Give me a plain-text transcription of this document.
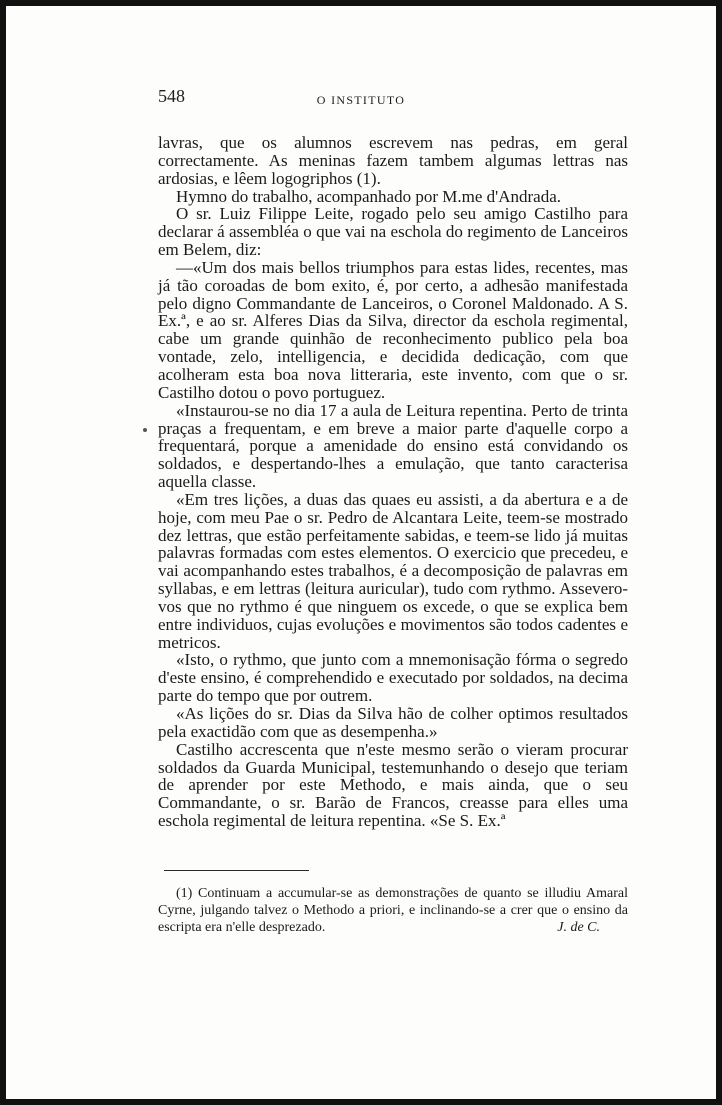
548	O INSTITUTO

lavras, que os alumnos escrevem nas pedras, em geral correctamente. As meninas fazem tambem algumas lettras nas ardosias, e lêem logogriphos (1).

Hymno do trabalho, acompanhado por M.me d'Andrada.

O sr. Luiz Filippe Leite, rogado pelo seu amigo Castilho para declarar á assembléa o que vai na eschola do regimento de Lanceiros em Belem, diz:

—«Um dos mais bellos triumphos para estas lides, recentes, mas já tão coroadas de bom exito, é, por certo, a adhesão manifestada pelo digno Commandante de Lanceiros, o Coronel Maldonado. A S. Ex.ª, e ao sr. Alferes Dias da Silva, director da eschola regimental, cabe um grande quinhão de reconhecimento publico pela boa vontade, zelo, intelligencia, e decidida dedicação, com que acolheram esta boa nova litteraria, este invento, com que o sr. Castilho dotou o povo portuguez.

«Instaurou-se no dia 17 a aula de Leitura repentina. Perto de trinta praças a frequentam, e em breve a maior parte d'aquelle corpo a frequentará, porque a amenidade do ensino está convidando os soldados, e despertando-lhes a emulação, que tanto caracterisa aquella classe.

«Em tres lições, a duas das quaes eu assisti, a da abertura e a de hoje, com meu Pae o sr. Pedro de Alcantara Leite, teem-se mostrado dez lettras, que estão perfeitamente sabidas, e teem-se lido já muitas palavras formadas com estes elementos. O exercicio que precedeu, e vai acompanhando estes trabalhos, é a decomposição de palavras em syllabas, e em lettras (leitura auricular), tudo com rythmo. Assevero-vos que no rythmo é que ninguem os excede, o que se explica bem entre individuos, cujas evoluções e movimentos são todos cadentes e metricos.

«Isto, o rythmo, que junto com a mnemonisação fórma o segredo d'este ensino, é comprehendido e executado por soldados, na decima parte do tempo que por outrem.

«As lições do sr. Dias da Silva hão de colher optimos resultados pela exactidão com que as desempenha.»

Castilho accrescenta que n'este mesmo serão o vieram procurar soldados da Guarda Municipal, testemunhando o desejo que teriam de aprender por este Methodo, e mais ainda, que o seu Commandante, o sr. Barão de Francos, creasse para elles uma eschola regimental de leitura repentina. «Se S. Ex.ª

(1) Continuam a accumular-se as demonstrações de quanto se illudiu Amaral Cyrne, julgando talvez o Methodo a priori, e inclinando-se a crer que o ensino da escripta era n'elle desprezado.	J. de C.
